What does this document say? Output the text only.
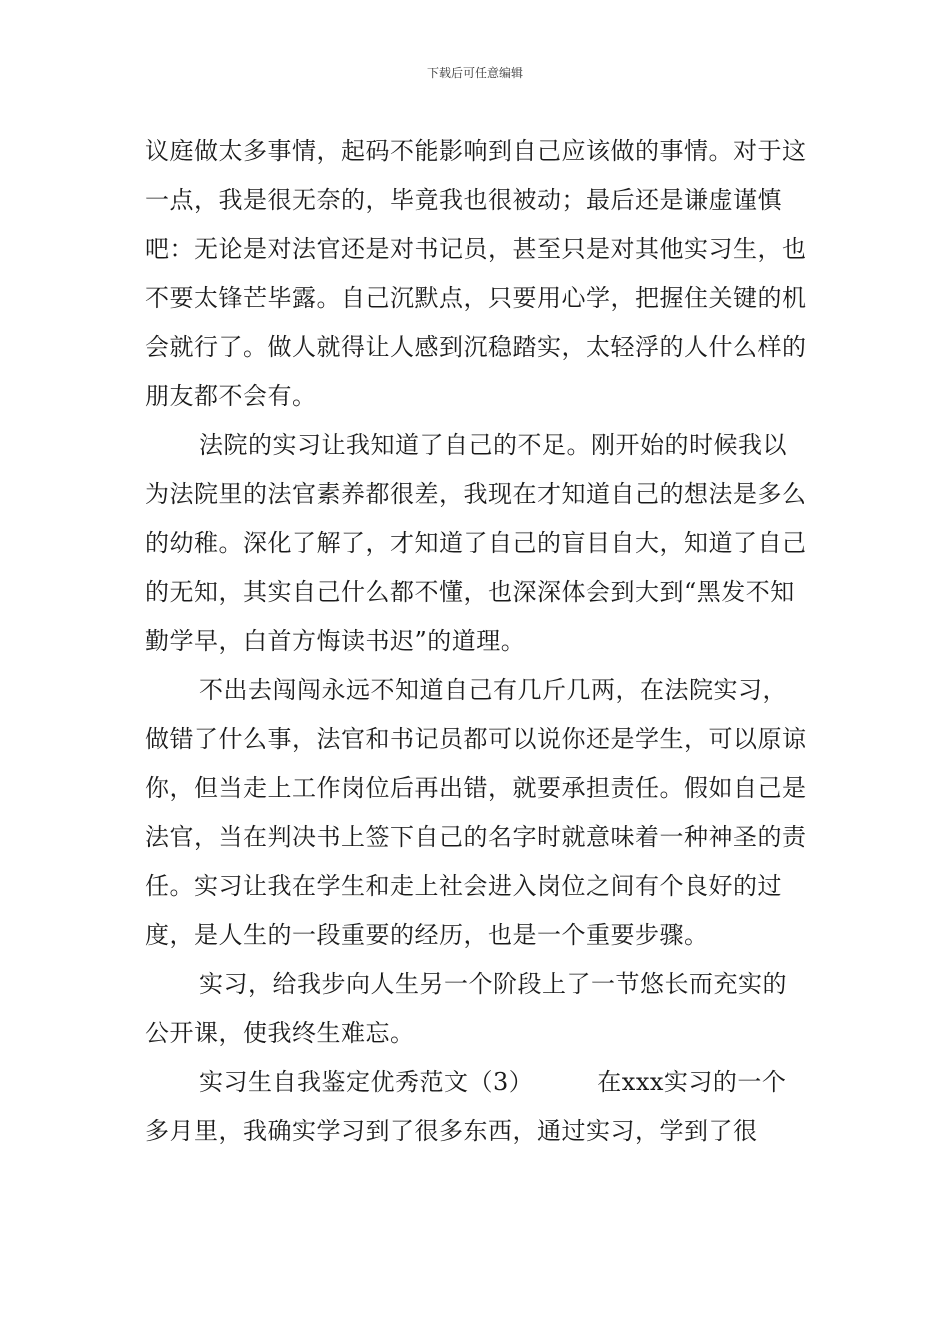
下载后可任意编辑

议庭做太多事情，起码不能影响到自己应该做的事情。对于这一点，我是很无奈的，毕竟我也很被动；最后还是谦虚谨慎吧：无论是对法官还是对书记员，甚至只是对其他实习生，也不要太锋芒毕露。自己沉默点，只要用心学，把握住关键的机会就行了。做人就得让人感到沉稳踏实，太轻浮的人什么样的朋友都不会有。

法院的实习让我知道了自己的不足。刚开始的时候我以为法院里的法官素养都很差，我现在才知道自己的想法是多么的幼稚。深化了解了，才知道了自己的盲目自大，知道了自己的无知，其实自己什么都不懂，也深深体会到大到“黑发不知勤学早，白首方悔读书迟”的道理。

不出去闯闯永远不知道自己有几斤几两，在法院实习，做错了什么事，法官和书记员都可以说你还是学生，可以原谅你，但当走上工作岗位后再出错，就要承担责任。假如自己是法官，当在判决书上签下自己的名字时就意味着一种神圣的责任。实习让我在学生和走上社会进入岗位之间有个良好的过度，是人生的一段重要的经历，也是一个重要步骤。

实习，给我步向人生另一个阶段上了一节悠长而充实的公开课，使我终生难忘。

实习生自我鉴定优秀范文（3）	在xxx实习的一个多月里，我确实学习到了很多东西，通过实习，学到了很
